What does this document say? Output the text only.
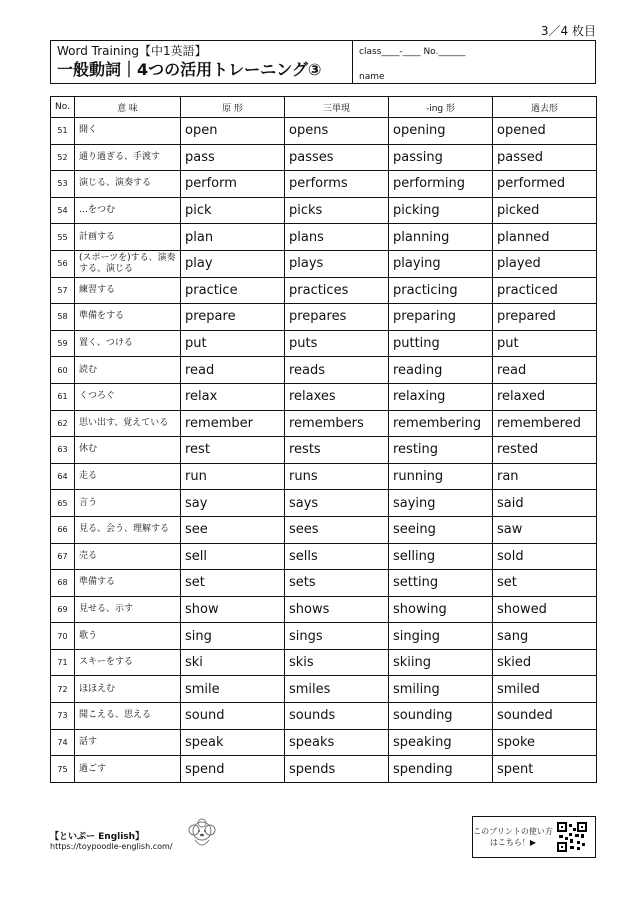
3／4 枚目
Word Training【中1英語】
一般動詞｜4つの活用トレーニング③
class____-____ No.______
name
No.	意 味	原 形	三単現	-ing 形	過去形
51	開く	open	opens	opening	opened
52	通り過ぎる、手渡す	pass	passes	passing	passed
53	演じる、演奏する	perform	performs	performing	performed
54	…をつむ	pick	picks	picking	picked
55	計画する	plan	plans	planning	planned
56	(スポーツを)する、演奏する、演じる	play	plays	playing	played
57	練習する	practice	practices	practicing	practiced
58	準備をする	prepare	prepares	preparing	prepared
59	置く、つける	put	puts	putting	put
60	読む	read	reads	reading	read
61	くつろぐ	relax	relaxes	relaxing	relaxed
62	思い出す、覚えている	remember	remembers	remembering	remembered
63	休む	rest	rests	resting	rested
64	走る	run	runs	running	ran
65	言う	say	says	saying	said
66	見る、会う、理解する	see	sees	seeing	saw
67	売る	sell	sells	selling	sold
68	準備する	set	sets	setting	set
69	見せる、示す	show	shows	showing	showed
70	歌う	sing	sings	singing	sang
71	スキーをする	ski	skis	skiing	skied
72	ほほえむ	smile	smiles	smiling	smiled
73	聞こえる、思える	sound	sounds	sounding	sounded
74	話す	speak	speaks	speaking	spoke
75	過ごす	spend	spends	spending	spent
【といぷー English】
https://toypoodle-english.com/
このプリントの使い方はこちら！▶
